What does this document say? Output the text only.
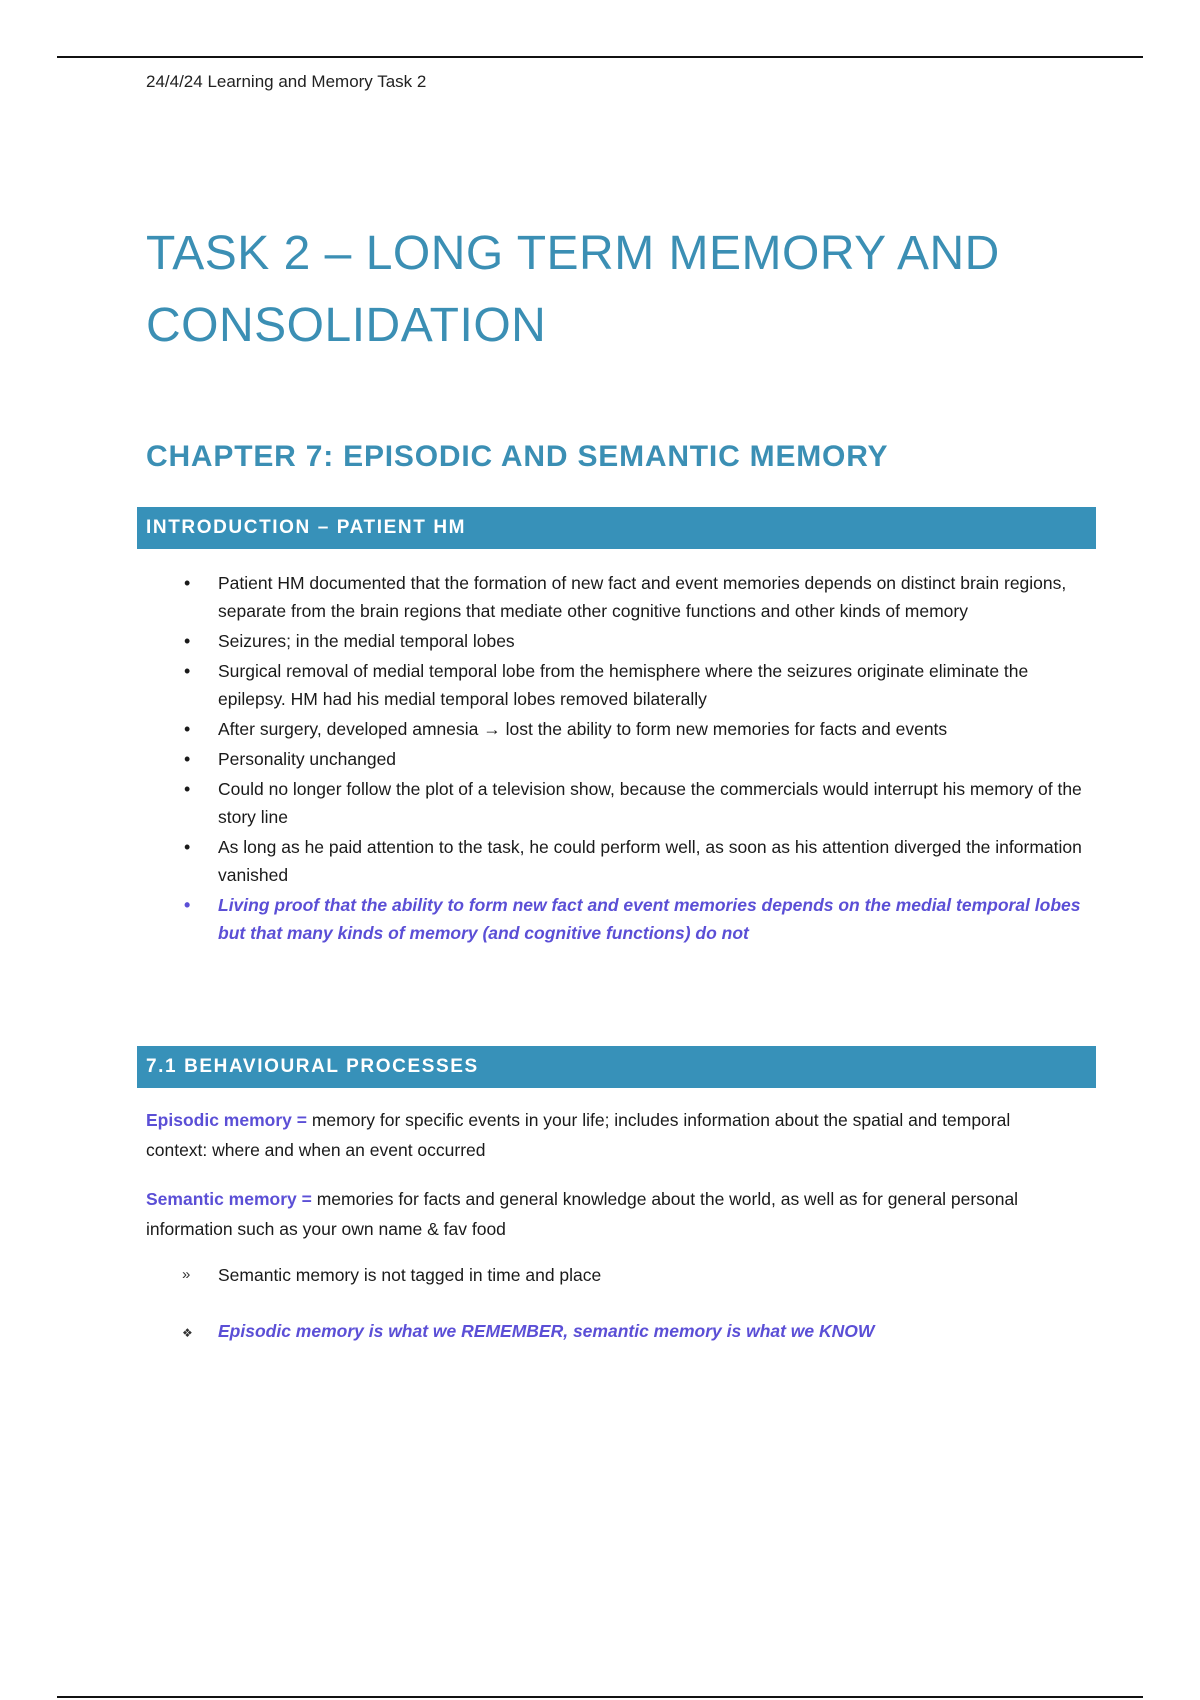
24/4/24 Learning and Memory Task 2
TASK 2 – LONG TERM MEMORY AND CONSOLIDATION
CHAPTER 7: EPISODIC AND SEMANTIC MEMORY
INTRODUCTION – PATIENT HM
• Patient HM documented that the formation of new fact and event memories depends on distinct brain regions, separate from the brain regions that mediate other cognitive functions and other kinds of memory
• Seizures; in the medial temporal lobes
• Surgical removal of medial temporal lobe from the hemisphere where the seizures originate eliminate the epilepsy. HM had his medial temporal lobes removed bilaterally
• After surgery, developed amnesia → lost the ability to form new memories for facts and events
• Personality unchanged
• Could no longer follow the plot of a television show, because the commercials would interrupt his memory of the story line
• As long as he paid attention to the task, he could perform well, as soon as his attention diverged the information vanished
• Living proof that the ability to form new fact and event memories depends on the medial temporal lobes but that many kinds of memory (and cognitive functions) do not
7.1 BEHAVIOURAL PROCESSES

Episodic memory = memory for specific events in your life; includes information about the spatial and temporal context: where and when an event occurred

Semantic memory = memories for facts and general knowledge about the world, as well as for general personal information such as your own name & fav food

» Semantic memory is not tagged in time and place
❖ Episodic memory is what we REMEMBER, semantic memory is what we KNOW
